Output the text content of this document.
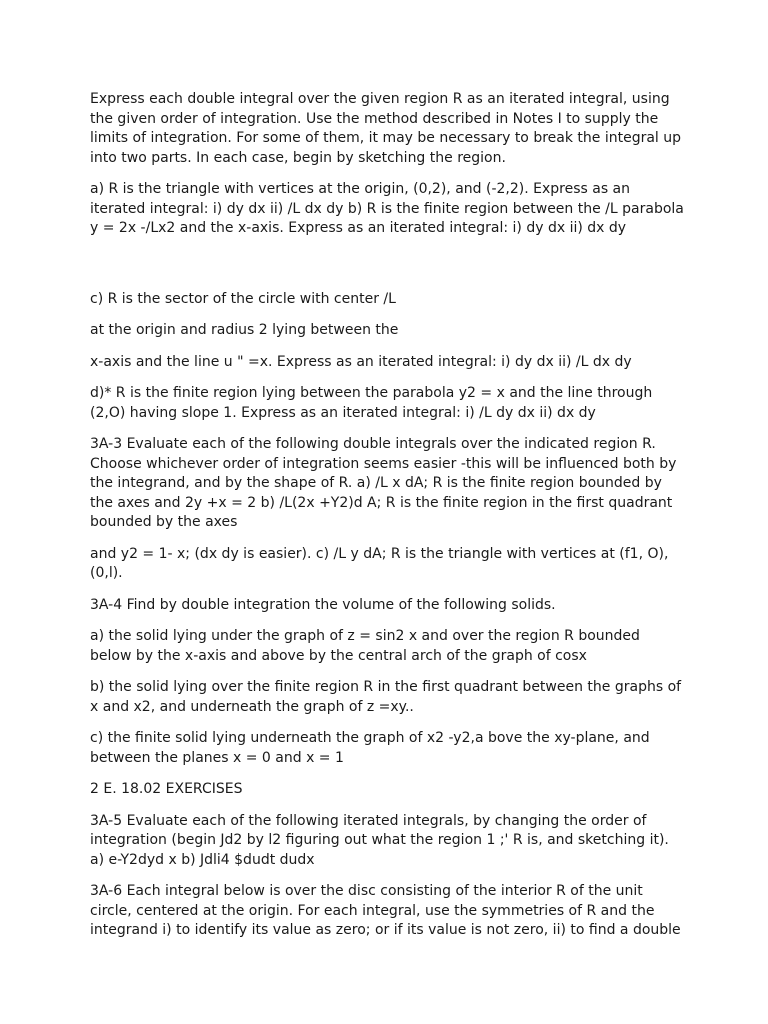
Express each double integral over the given region R as an iterated integral, using
the given order of integration. Use the method described in Notes I to supply the
limits of integration. For some of them, it may be necessary to break the integral up
into two parts. In each case, begin by sketching the region.

a) R is the triangle with vertices at the origin, (0,2), and (-2,2). Express as an
iterated integral: i) dy dx ii) /L dx dy b) R is the finite region between the /L parabola
y = 2x -/Lx2 and the x-axis. Express as an iterated integral: i) dy dx ii) dx dy

c) R is the sector of the circle with center /L

at the origin and radius 2 lying between the

x-axis and the line u " =x. Express as an iterated integral: i) dy dx ii) /L dx dy

d)* R is the finite region lying between the parabola y2 = x and the line through
(2,O) having slope 1. Express as an iterated integral: i) /L dy dx ii) dx dy

3A-3 Evaluate each of the following double integrals over the indicated region R.
Choose whichever order of integration seems easier -this will be influenced both by
the integrand, and by the shape of R. a) /L x dA; R is the finite region bounded by
the axes and 2y +x = 2 b) /L(2x +Y2)d A; R is the finite region in the first quadrant
bounded by the axes

and y2 = 1- x; (dx dy is easier). c) /L y dA; R is the triangle with vertices at (f1, O),
(0,l).

3A-4 Find by double integration the volume of the following solids.

a) the solid lying under the graph of z = sin2 x and over the region R bounded
below by the x-axis and above by the central arch of the graph of cosx

b) the solid lying over the finite region R in the first quadrant between the graphs of
x and x2, and underneath the graph of z =xy..

c) the finite solid lying underneath the graph of x2 -y2,a bove the xy-plane, and
between the planes x = 0 and x = 1

2 E. 18.02 EXERCISES

3A-5 Evaluate each of the following iterated integrals, by changing the order of
integration (begin Jd2 by l2 figuring out what the region 1 ;' R is, and sketching it).
a) e-Y2dyd x b) Jdli4 $dudt dudx

3A-6 Each integral below is over the disc consisting of the interior R of the unit
circle, centered at the origin. For each integral, use the symmetries of R and the
integrand i) to identify its value as zero; or if its value is not zero, ii) to find a double
